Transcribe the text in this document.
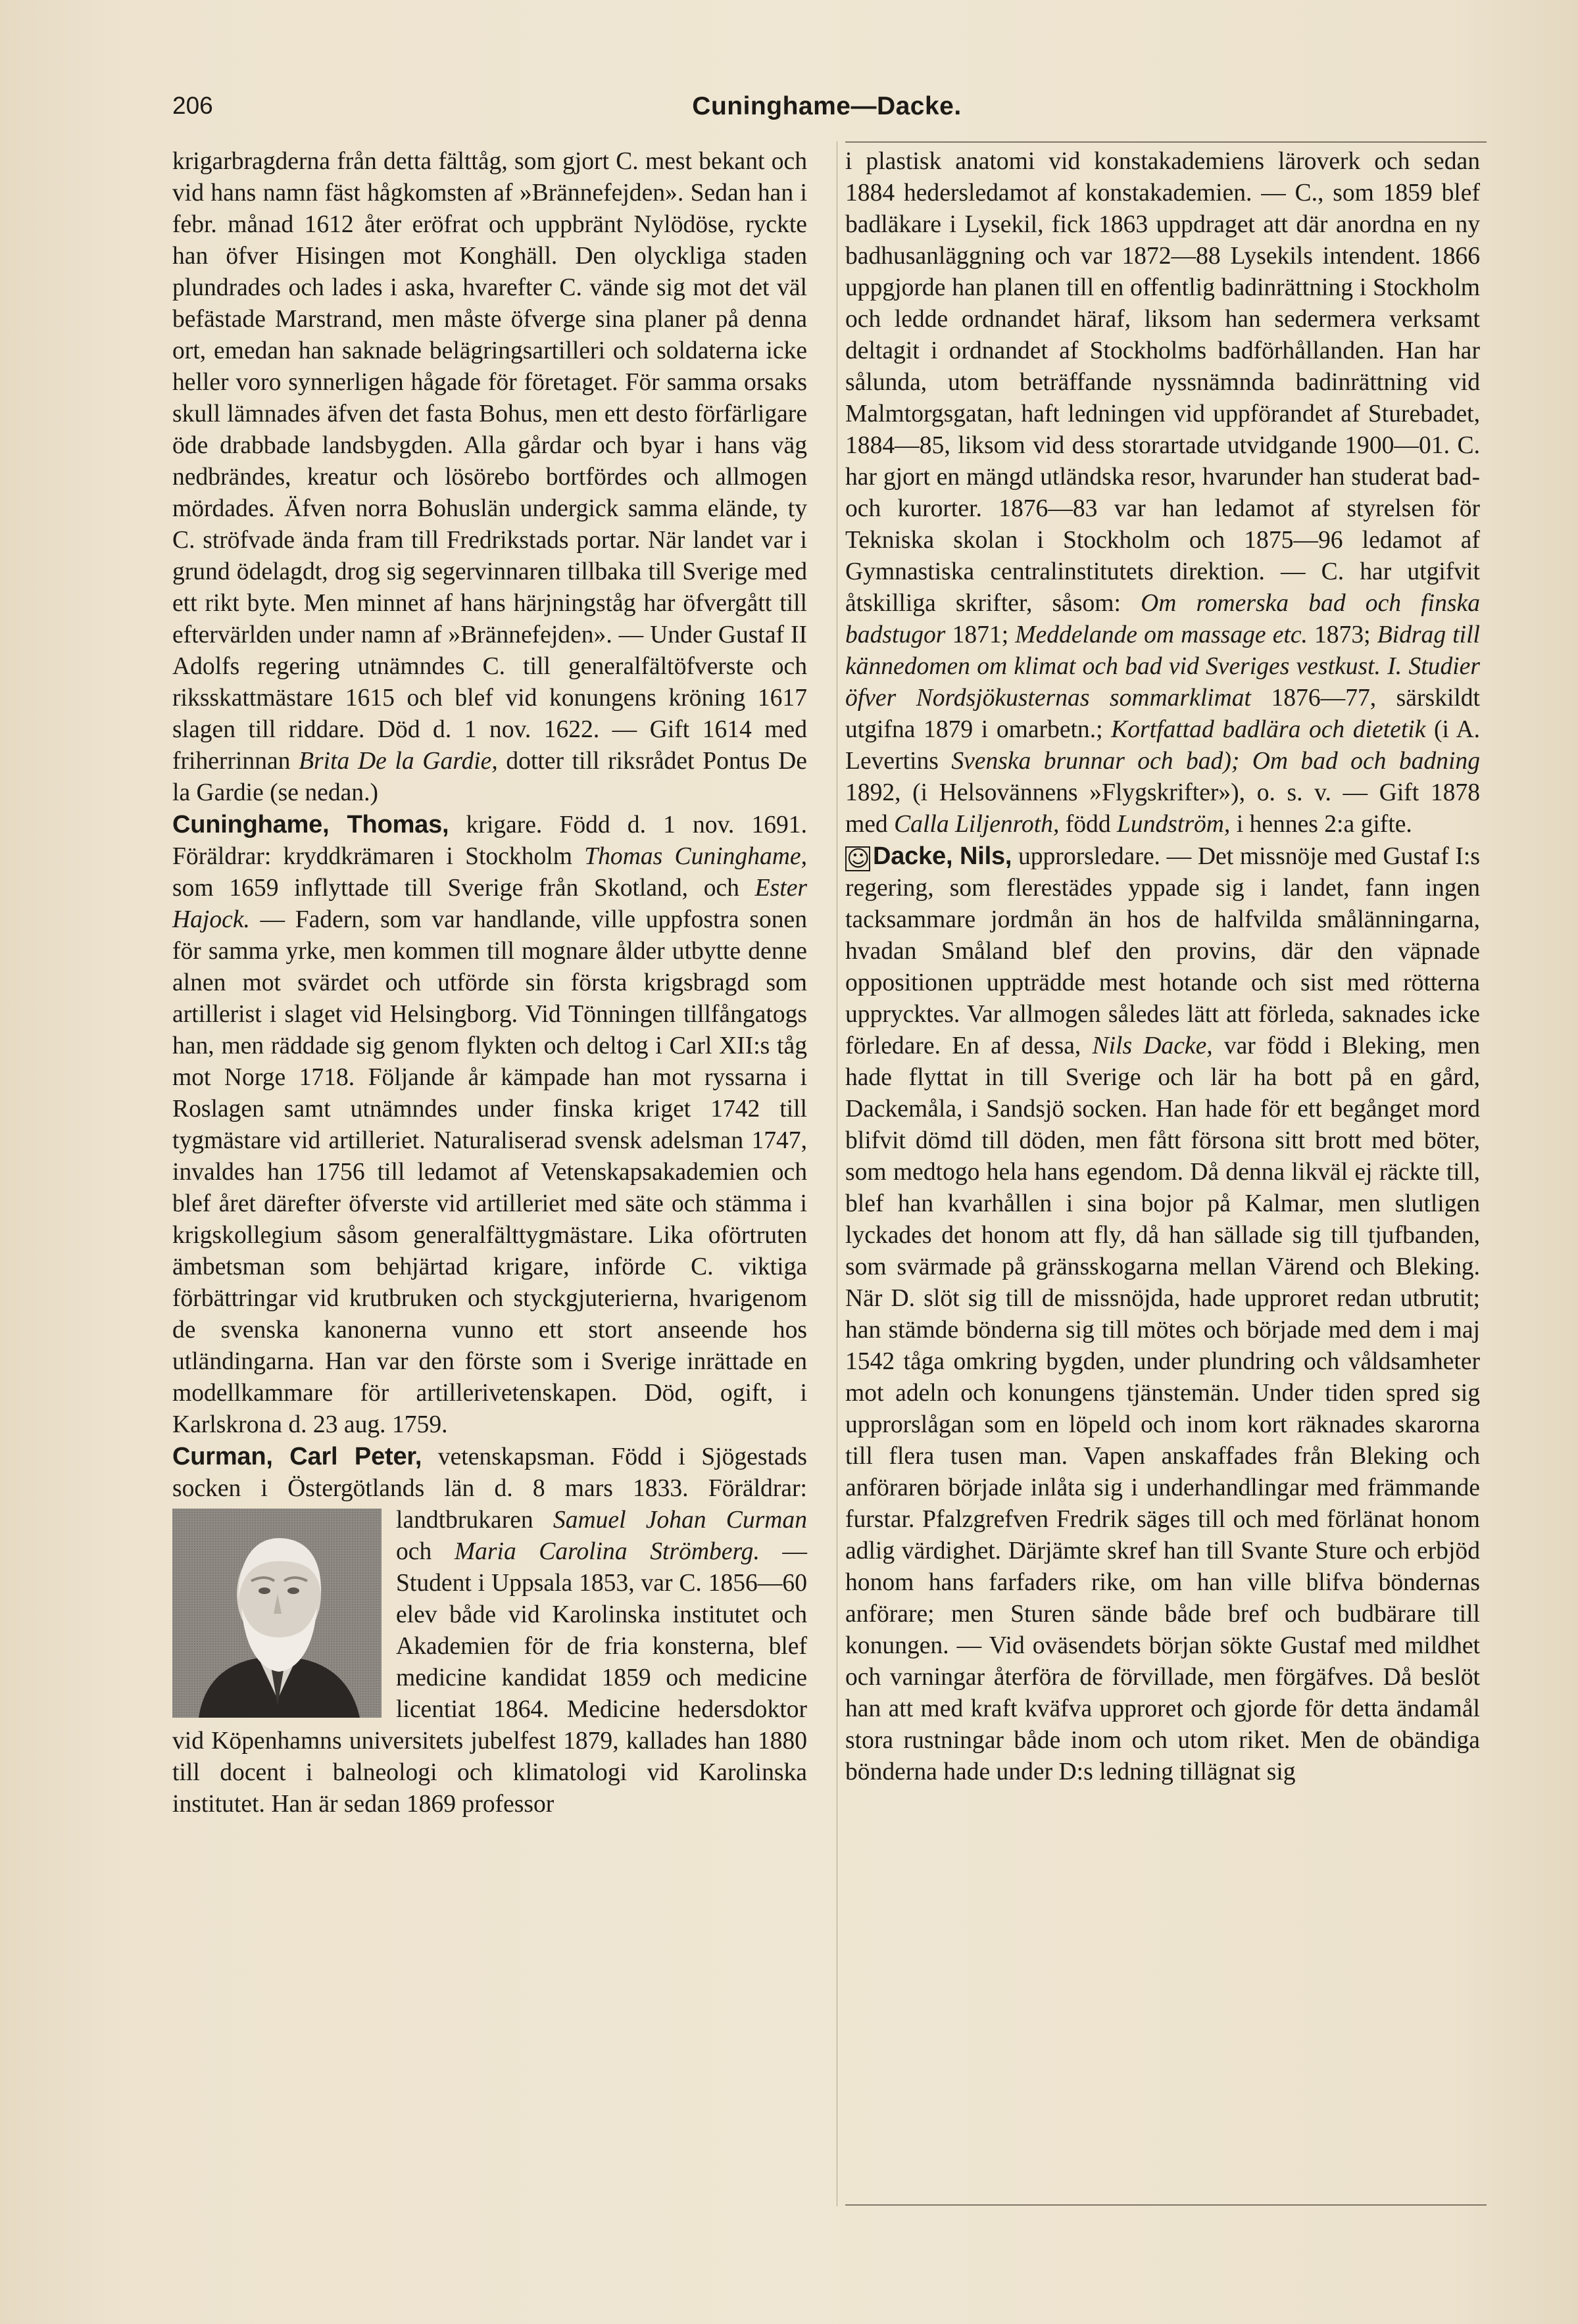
206	Cuninghame—Dacke.

krigarbragderna från detta fälttåg, som gjort C. mest bekant och vid hans namn fäst hågkomsten af »Brännefejden». Sedan han i febr. månad 1612 åter eröfrat och uppbränt Nylödöse, ryckte han öfver Hisingen mot Konghäll. Den olyckliga staden plundrades och lades i aska, hvarefter C. vände sig mot det väl befästade Marstrand, men måste öfverge sina planer på denna ort, emedan han saknade belägringsartilleri och soldaterna icke heller voro synnerligen hågade för företaget. För samma orsaks skull lämnades äfven det fasta Bohus, men ett desto förfärligare öde drabbade landsbygden. Alla gårdar och byar i hans väg nedbrändes, kreatur och lösörebo bortfördes och allmogen mördades. Äfven norra Bohuslän undergick samma elände, ty C. ströfvade ända fram till Fredrikstads portar. När landet var i grund ödelagdt, drog sig segervinnaren tillbaka till Sverige med ett rikt byte. Men minnet af hans härjningståg har öfvergått till eftervärlden under namn af »Brännefejden». — Under Gustaf II Adolfs regering utnämndes C. till generalfältöfverste och riksskattmästare 1615 och blef vid konungens kröning 1617 slagen till riddare. Död d. 1 nov. 1622. — Gift 1614 med friherrinnan Brita De la Gardie, dotter till riksrådet Pontus De la Gardie (se nedan.)

Cuninghame, Thomas, krigare. Född d. 1 nov. 1691. Föräldrar: kryddkrämaren i Stockholm Thomas Cuninghame, som 1659 inflyttade till Sverige från Skotland, och Ester Hajock. — Fadern, som var handlande, ville uppfostra sonen för samma yrke, men kommen till mognare ålder utbytte denne alnen mot svärdet och utförde sin första krigsbragd som artillerist i slaget vid Helsingborg. Vid Tönningen tillfångatogs han, men räddade sig genom flykten och deltog i Carl XII:s tåg mot Norge 1718. Följande år kämpade han mot ryssarna i Roslagen samt utnämndes under finska kriget 1742 till tygmästare vid artilleriet. Naturaliserad svensk adelsman 1747, invaldes han 1756 till ledamot af Vetenskapsakademien och blef året därefter öfverste vid artilleriet med säte och stämma i krigskollegium såsom generalfälttygmästare. Lika oförtruten ämbetsman som behjärtad krigare, införde C. viktiga förbättringar vid krutbruken och styckgjuterierna, hvarigenom de svenska kanonerna vunno ett stort anseende hos utländingarna. Han var den förste som i Sverige inrättade en modellkammare för artillerivetenskapen. Död, ogift, i Karlskrona d. 23 aug. 1759.

Curman, Carl Peter, vetenskapsman. Född i Sjögestads socken i Östergötlands län d. 8 mars 1833. Föräldrar: landtbrukaren
Samuel Johan Curman och Maria Carolina Strömberg. — Student i Uppsala 1853, var C. 1856—60 elev både vid Karolinska institutet och Akademien för de fria konsterna, blef medicine kandidat 1859 och medicine licentiat 1864. Medicine hedersdoktor vid Köpenhamns universitets jubelfest 1879, kallades han 1880 till docent i balneologi och klimatologi vid Karolinska institutet. Han är sedan 1869 professor

i plastisk anatomi vid konstakademiens läroverk och sedan 1884 hedersledamot af konstakademien. — C., som 1859 blef badläkare i Lysekil, fick 1863 uppdraget att där anordna en ny badhusanläggning och var 1872—88 Lysekils intendent. 1866 uppgjorde han planen till en offentlig badinrättning i Stockholm och ledde ordnandet häraf, liksom han sedermera verksamt deltagit i ordnandet af Stockholms badförhållanden. Han har sålunda, utom beträffande nyssnämnda badinrättning vid Malmtorgsgatan, haft ledningen vid uppförandet af Sturebadet, 1884—85, liksom vid dess storartade utvidgande 1900—01. C. har gjort en mängd utländska resor, hvarunder han studerat bad- och kurorter. 1876—83 var han ledamot af styrelsen för Tekniska skolan i Stockholm och 1875—96 ledamot af Gymnastiska centralinstitutets direktion. — C. har utgifvit åtskilliga skrifter, såsom: Om romerska bad och finska badstugor 1871; Meddelande om massage etc. 1873; Bidrag till kännedomen om klimat och bad vid Sveriges vestkust. I. Studier öfver Nordsjökusternas sommarklimat 1876—77, särskildt utgifna 1879 i omarbetn.; Kortfattad badlära och dietetik (i A. Levertins Svenska brunnar och bad); Om bad och badning 1892, (i Helsovännens »Flygskrifter»), o. s. v. — Gift 1878 med Calla Liljenroth, född Lundström, i hennes 2:a gifte.

☺ Dacke, Nils, upprorsledare. — Det missnöje med Gustaf I:s regering, som flerestädes yppade sig i landet, fann ingen tacksammare jordmån än hos de halfvilda smålänningarna, hvadan Småland blef den provins, där den väpnade oppositionen uppträdde mest hotande och sist med rötterna upprycktes. Var allmogen således lätt att förleda, saknades icke förledare. En af dessa, Nils Dacke, var född i Bleking, men hade flyttat in till Sverige och lär ha bott på en gård, Dackemåla, i Sandsjö socken. Han hade för ett begånget mord blifvit dömd till döden, men fått försona sitt brott med böter, som medtogo hela hans egendom. Då denna likväl ej räckte till, blef han kvarhållen i sina bojor på Kalmar, men slutligen lyckades det honom att fly, då han sällade sig till tjufbanden, som svärmade på gränsskogarna mellan Värend och Bleking. När D. slöt sig till de missnöjda, hade upproret redan utbrutit; han stämde bönderna sig till mötes och började med dem i maj 1542 tåga omkring bygden, under plundring och våldsamheter mot adeln och konungens tjänstemän. Under tiden spred sig upprorslågan som en löpeld och inom kort räknades skarorna till flera tusen man. Vapen anskaffades från Bleking och anföraren började inlåta sig i underhandlingar med främmande furstar. Pfalzgrefven Fredrik säges till och med förlänat honom adlig värdighet. Därjämte skref han till Svante Sture och erbjöd honom hans farfaders rike, om han ville blifva böndernas anförare; men Sturen sände både bref och budbärare till konungen. — Vid oväsendets början sökte Gustaf med mildhet och varningar återföra de förvillade, men förgäfves. Då beslöt han att med kraft kväfva upproret och gjorde för detta ändamål stora rustningar både inom och utom riket. Men de obändiga bönderna hade under D:s ledning tillägnat sig
